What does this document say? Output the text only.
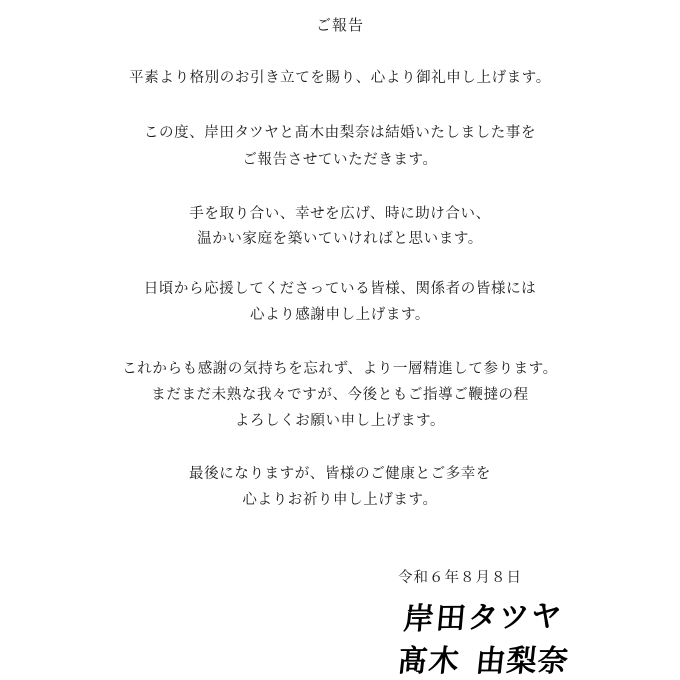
ご報告
平素より格別のお引き立てを賜り、心より御礼申し上げます。
この度、岸田タツヤと髙木由梨奈は結婚いたしました事を
ご報告させていただきます。
手を取り合い、幸せを広げ、時に助け合い、
温かい家庭を築いていければと思います。
日頃から応援してくださっている皆様、関係者の皆様には
心より感謝申し上げます。
これからも感謝の気持ちを忘れず、より一層精進して参ります。
まだまだ未熟な我々ですが、今後ともご指導ご鞭撻の程
よろしくお願い申し上げます。
最後になりますが、皆様のご健康とご多幸を
心よりお祈り申し上げます。
令和６年８月８日
岸田タツヤ
髙木 由梨奈
